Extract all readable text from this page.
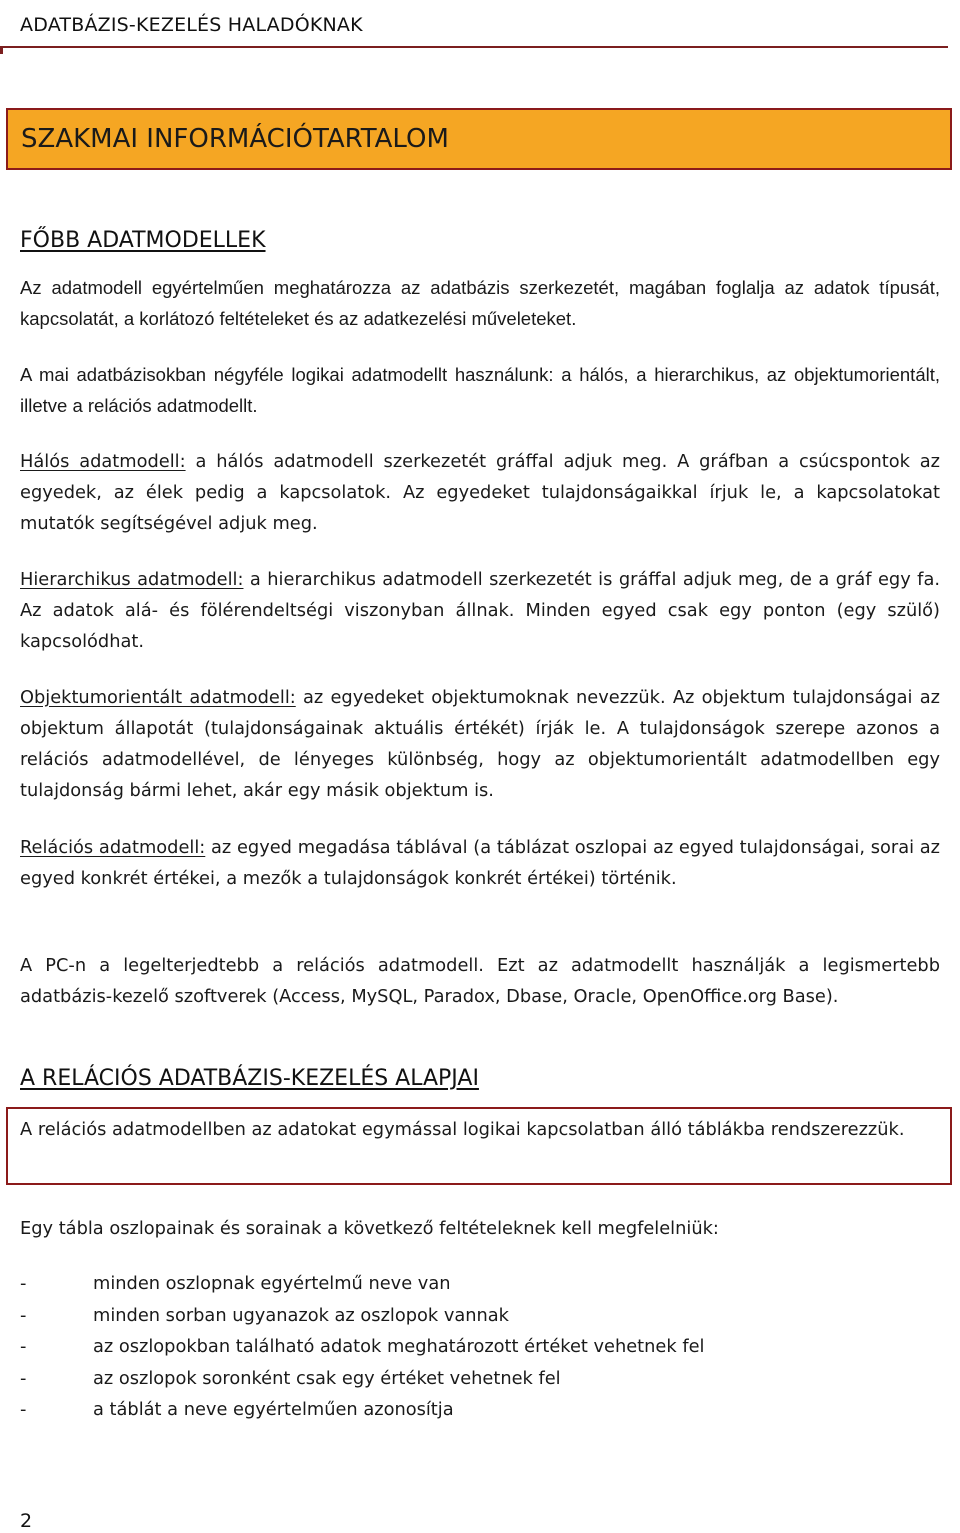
ADATBÁZIS-KEZELÉS HALADÓKNAK
SZAKMAI INFORMÁCIÓTARTALOM
FŐBB ADATMODELLEK
Az adatmodell egyértelműen meghatározza az adatbázis szerkezetét, magában foglalja az adatok típusát, kapcsolatát, a korlátozó feltételeket és az adatkezelési műveleteket.
A mai adatbázisokban négyféle logikai adatmodellt használunk: a hálós, a hierarchikus, az objektumorientált, illetve a relációs adatmodellt.
Hálós adatmodell: a hálós adatmodell szerkezetét gráffal adjuk meg. A gráfban a csúcspontok az egyedek, az élek pedig a kapcsolatok. Az egyedeket tulajdonságaikkal írjuk le, a kapcsolatokat mutatók segítségével adjuk meg.
Hierarchikus adatmodell: a hierarchikus adatmodell szerkezetét is gráffal adjuk meg, de a gráf egy fa. Az adatok alá- és fölérendeltségi viszonyban állnak. Minden egyed csak egy ponton (egy szülő) kapcsolódhat.
Objektumorientált adatmodell: az egyedeket objektumoknak nevezzük. Az objektum tulajdonságai az objektum állapotát (tulajdonságainak aktuális értékét) írják le. A tulajdonságok szerepe azonos a relációs adatmodellével, de lényeges különbség, hogy az objektumorientált adatmodellben egy tulajdonság bármi lehet, akár egy másik objektum is.
Relációs adatmodell: az egyed megadása táblával (a táblázat oszlopai az egyed tulajdonságai, sorai az egyed konkrét értékei, a mezők a tulajdonságok konkrét értékei) történik.
A PC-n a legelterjedtebb a relációs adatmodell. Ezt az adatmodellt használják a legismertebb adatbázis-kezelő szoftverek (Access, MySQL, Paradox, Dbase, Oracle, OpenOffice.org Base).
A RELÁCIÓS ADATBÁZIS-KEZELÉS ALAPJAI
A relációs adatmodellben az adatokat egymással logikai kapcsolatban álló táblákba rendszerezzük.
Egy tábla oszlopainak és sorainak a következő feltételeknek kell megfelelniük:
-	minden oszlopnak egyértelmű neve van
-	minden sorban ugyanazok az oszlopok vannak
-	az oszlopokban található adatok meghatározott értéket vehetnek fel
-	az oszlopok soronként csak egy értéket vehetnek fel
-	a táblát a neve egyértelműen azonosítja
2
